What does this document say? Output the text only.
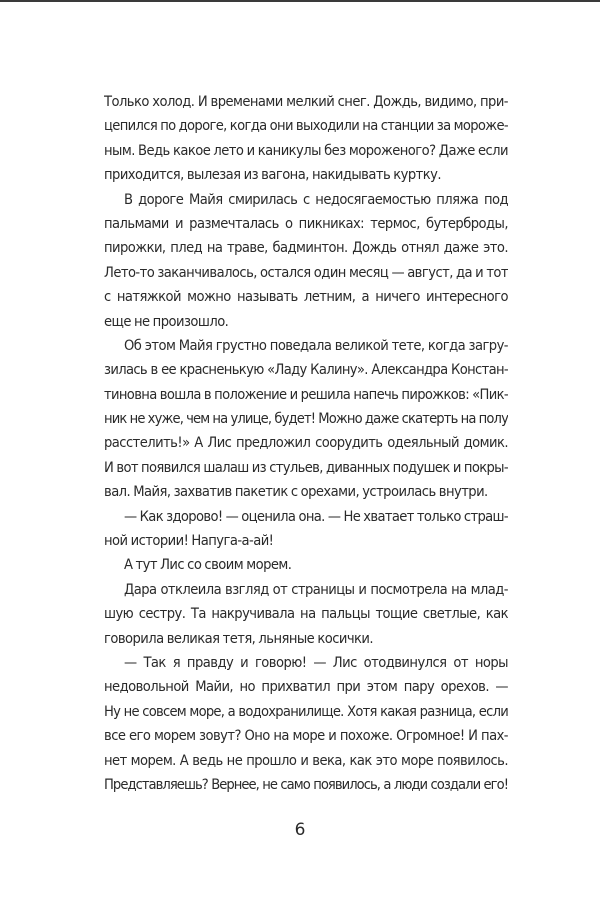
Только холод. И временами мелкий снег. Дождь, видимо, при-
цепился по дороге, когда они выходили на станции за мороже-
ным. Ведь какое лето и каникулы без мороженого? Даже если
приходится, вылезая из вагона, накидывать куртку.
В дороге Майя смирилась с недосягаемостью пляжа под
пальмами и размечталась о пикниках: термос, бутерброды,
пирожки, плед на траве, бадминтон. Дождь отнял даже это.
Лето-то заканчивалось, остался один месяц — август, да и тот
с натяжкой можно называть летним, а ничего интересного
еще не произошло.
Об этом Майя грустно поведала великой тете, когда загру-
зилась в ее красненькую «Ладу Калину». Александра Констан-
тиновна вошла в положение и решила напечь пирожков: «Пик-
ник не хуже, чем на улице, будет! Можно даже скатерть на полу
расстелить!» А Лис предложил соорудить одеяльный домик.
И вот появился шалаш из стульев, диванных подушек и покры-
вал. Майя, захватив пакетик с орехами, устроилась внутри.
— Как здорово! — оценила она. — Не хватает только страш-
ной истории! Напуга-а-ай!
А тут Лис со своим морем.
Дара отклеила взгляд от страницы и посмотрела на млад-
шую сестру. Та накручивала на пальцы тощие светлые, как
говорила великая тетя, льняные косички.
— Так я правду и говорю! — Лис отодвинулся от норы
недовольной Майи, но прихватил при этом пару орехов. —
Ну не совсем море, а водохранилище. Хотя какая разница, если
все его морем зовут? Оно на море и похоже. Огромное! И пах-
нет морем. А ведь не прошло и века, как это море появилось.
Представляешь? Вернее, не само появилось, а люди создали его!
6
